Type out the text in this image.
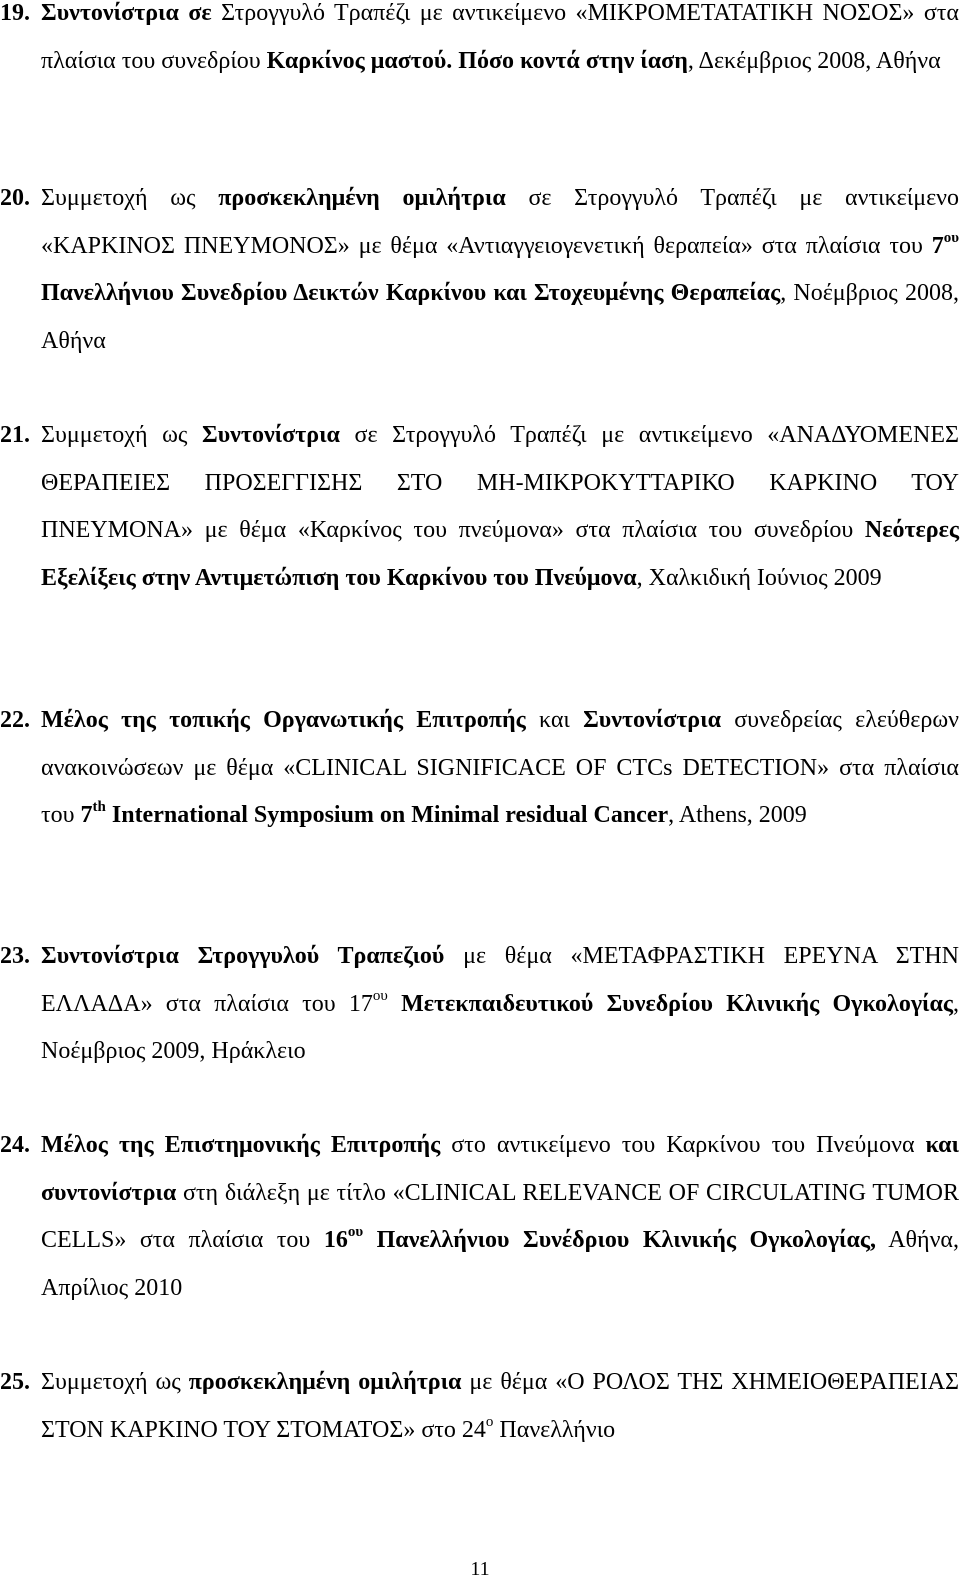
19. Συντονίστρια σε Στρογγυλό Τραπέζι με αντικείμενο «ΜΙΚΡΟΜΕΤΑΤΑΤΙΚΗ ΝΟΣΟΣ» στα πλαίσια του συνεδρίου Καρκίνος μαστού. Πόσο κοντά στην ίαση, Δεκέμβριος 2008, Αθήνα
20. Συμμετοχή ως προσκεκλημένη ομιλήτρια σε Στρογγυλό Τραπέζι με αντικείμενο «ΚΑΡΚΙΝΟΣ ΠΝΕΥΜΟΝΟΣ» με θέμα «Αντιαγγειογενετική θεραπεία» στα πλαίσια του $7^{o\upsilon}$ Πανελλήνιου Συνεδρίου Δεικτών Καρκίνου και Στοχευμένης Θεραπείας, Νοέμβριος 2008, Αθήνα
21. Συμμετοχή ως Συντονίστρια σε Στρογγυλό Τραπέζι με αντικείμενο «ΑΝΑΔΥΟΜΕΝΕΣ ΘΕΡΑΠΕΙΕΣ ΠΡΟΣΕΓΓΙΣΗΣ ΣΤΟ ΜΗ-ΜΙΚΡΟΚΥΤΤΑΡΙΚΟ ΚΑΡΚΙΝΟ ΤΟΥ ΠΝΕΥΜΟΝΑ» με θέμα «Καρκίνος του πνεύμονα» στα πλαίσια του συνεδρίου Νεότερες Εξελίξεις στην Αντιμετώπιση του Καρκίνου του Πνεύμονα, Χαλκιδική Ιούνιος 2009
22. Μέλος της τοπικής Οργανωτικής Επιτροπής και Συντονίστρια συνεδρείας ελεύθερων ανακοινώσεων με θέμα «CLINICAL SIGNIFICACE OF CTCs DETECTION» στα πλαίσια του 7th International Symposium on Minimal residual Cancer, Athens, 2009
23. Συντονίστρια Στρογγυλού Τραπεζιού με θέμα «ΜΕΤΑΦΡΑΣΤΙΚΗ ΕΡΕΥΝΑ ΣΤΗΝ ΕΛΛΑΔΑ» στα πλαίσια του $17^{o\upsilon}$ Μετεκπαιδευτικού Συνεδρίου Κλινικής Ογκολογίας, Νοέμβριος 2009, Ηράκλειο
24. Μέλος της Επιστημονικής Επιτροπής στο αντικείμενο του Καρκίνου του Πνεύμονα και συντονίστρια στη διάλεξη με τίτλο «CLINICAL RELEVANCE OF CIRCULATING TUMOR CELLS» στα πλαίσια του $16^{o\upsilon}$ Πανελλήνιου Συνέδριου Κλινικής Ογκολογίας, Αθήνα, Απρίλιος 2010
25. Συμμετοχή ως προσκεκλημένη ομιλήτρια με θέμα «Ο ΡΟΛΟΣ ΤΗΣ ΧΗΜΕΙΟΘΕΡΑΠΕΙΑΣ ΣΤΟΝ ΚΑΡΚΙΝΟ ΤΟΥ ΣΤΟΜΑΤΟΣ» στο $24^o$ Πανελλήνιο
11
